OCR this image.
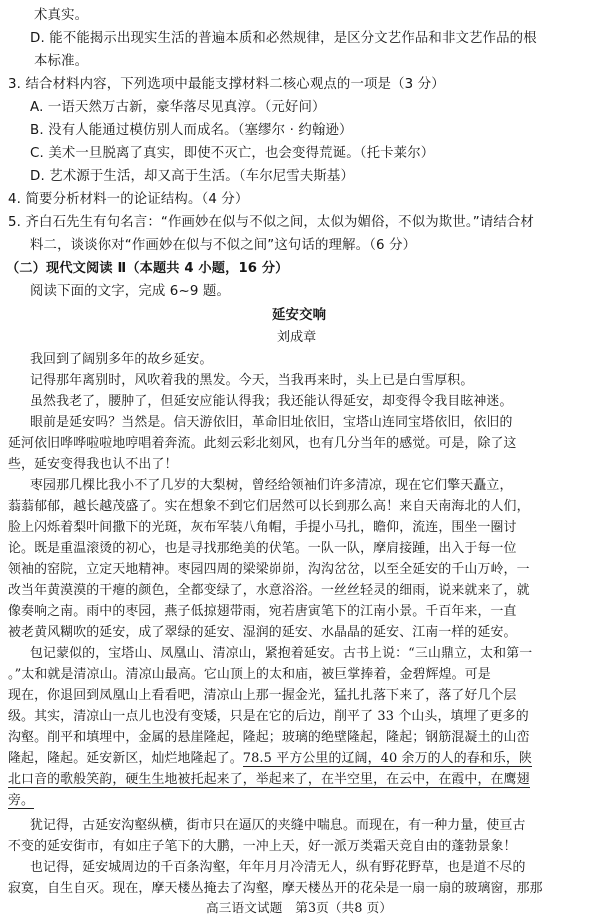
术真实。
D. 能不能揭示出现实生活的普遍本质和必然规律，是区分文艺作品和非文艺作品的根
本标准。
3. 结合材料内容，下列选项中最能支撑材料二核心观点的一项是（3 分）
A. 一语天然万古新，豪华落尽见真淳。（元好问）
B. 没有人能通过模仿别人而成名。（塞缪尔 · 约翰逊）
C. 美术一旦脱离了真实，即使不灭亡，也会变得荒诞。（托卡莱尔）
D. 艺术源于生活，却又高于生活。（车尔尼雪夫斯基）
4. 简要分析材料一的论证结构。（4 分）
5. 齐白石先生有句名言：“作画妙在似与不似之间，太似为媚俗，不似为欺世。”请结合材
料二，谈谈你对“作画妙在似与不似之间”这句话的理解。（6 分）
（二）现代文阅读 Ⅱ（本题共 4 小题，16 分）
阅读下面的文字，完成 6~9 题。
延安交响
刘成章
我回到了阔别多年的故乡延安。
记得那年离别时，风吹着我的黑发。今天，当我再来时，头上已是白雪厚积。
虽然我老了，腰肿了，但延安应能认得我；我还能认得延安，却变得令我目眩神迷。
眼前是延安吗？当然是。信天游依旧，革命旧址依旧，宝塔山连同宝塔依旧，依旧的
延河依旧哗哗啦啦地哼唱着奔流。此刻云彩北刻风，也有几分当年的感觉。可是，除了这
些，延安变得我也认不出了！
枣园那几棵比我小不了几岁的大梨树，曾经给领袖们许多清凉，现在它们擎天矗立，
蓊蓊郁郁，越长越茂盛了。实在想象不到它们居然可以长到那么高！来自天南海北的人们，
脸上闪烁着梨叶间撒下的光斑，灰布军装八角帽，手提小马扎，瞻仰，流连，围坐一圈讨
论。既是重温滚烫的初心，也是寻找那绝美的伏笔。一队一队，摩肩接踵，出入于每一位
领袖的窑院，立定天地精神。枣园四周的梁梁峁峁，沟沟岔岔，以至全延安的千山万岭，一
改当年黄漠漠的干瘪的颜色，全都变绿了，水意浴浴。一丝丝轻灵的细雨，说来就来了，就
像奏响之南。雨中的枣园，燕子低掠翅带雨，宛若唐寅笔下的江南小景。千百年来，一直
被老黄风糊吹的延安，成了翠绿的延安、湿润的延安、水晶晶的延安、江南一样的延安。
包记蒙似的，宝塔山、凤凰山、清凉山，紧抱着延安。古书上说：“三山鼎立，太和第一
。”太和就是清凉山。清凉山最高。它山顶上的太和庙，被巨掌捧着，金碧辉煌。可是
现在，你退回到凤凰山上看看吧，清凉山上那一握金光，猛扎扎落下来了，落了好几个层
级。其实，清凉山一点儿也没有变矮，只是在它的后边，削平了 33 个山头，填埋了更多的
沟壑。削平和填埋中，金属的悬崖隆起，隆起；玻璃的绝壁隆起，隆起；钢筋混凝土的山峦
隆起，隆起。延安新区，灿烂地隆起了。78.5 平方公里的辽阔，40 余万的人的春和乐，陕
北口音的歌般笑韵，硬生生地被托起来了，举起来了，在半空里，在云中，在霞中，在鹰翅
旁。
犹记得，古延安沟壑纵横，街市只在逼仄的夹缝中喘息。而现在，有一种力量，使亘古
不变的延安街市，有如庄子笔下的大鹏，一冲上天，好一派万类霜天竞自由的蓬勃景象！
也记得，延安城周边的千百条沟壑，年年月月冷清无人，纵有野花野草，也是道不尽的
寂寞，自生自灭。现在，摩天楼丛掩去了沟壑，摩天楼丛开的花朵是一扇一扇的玻璃窗，那那
高三语文试题　第3页（共8 页）
